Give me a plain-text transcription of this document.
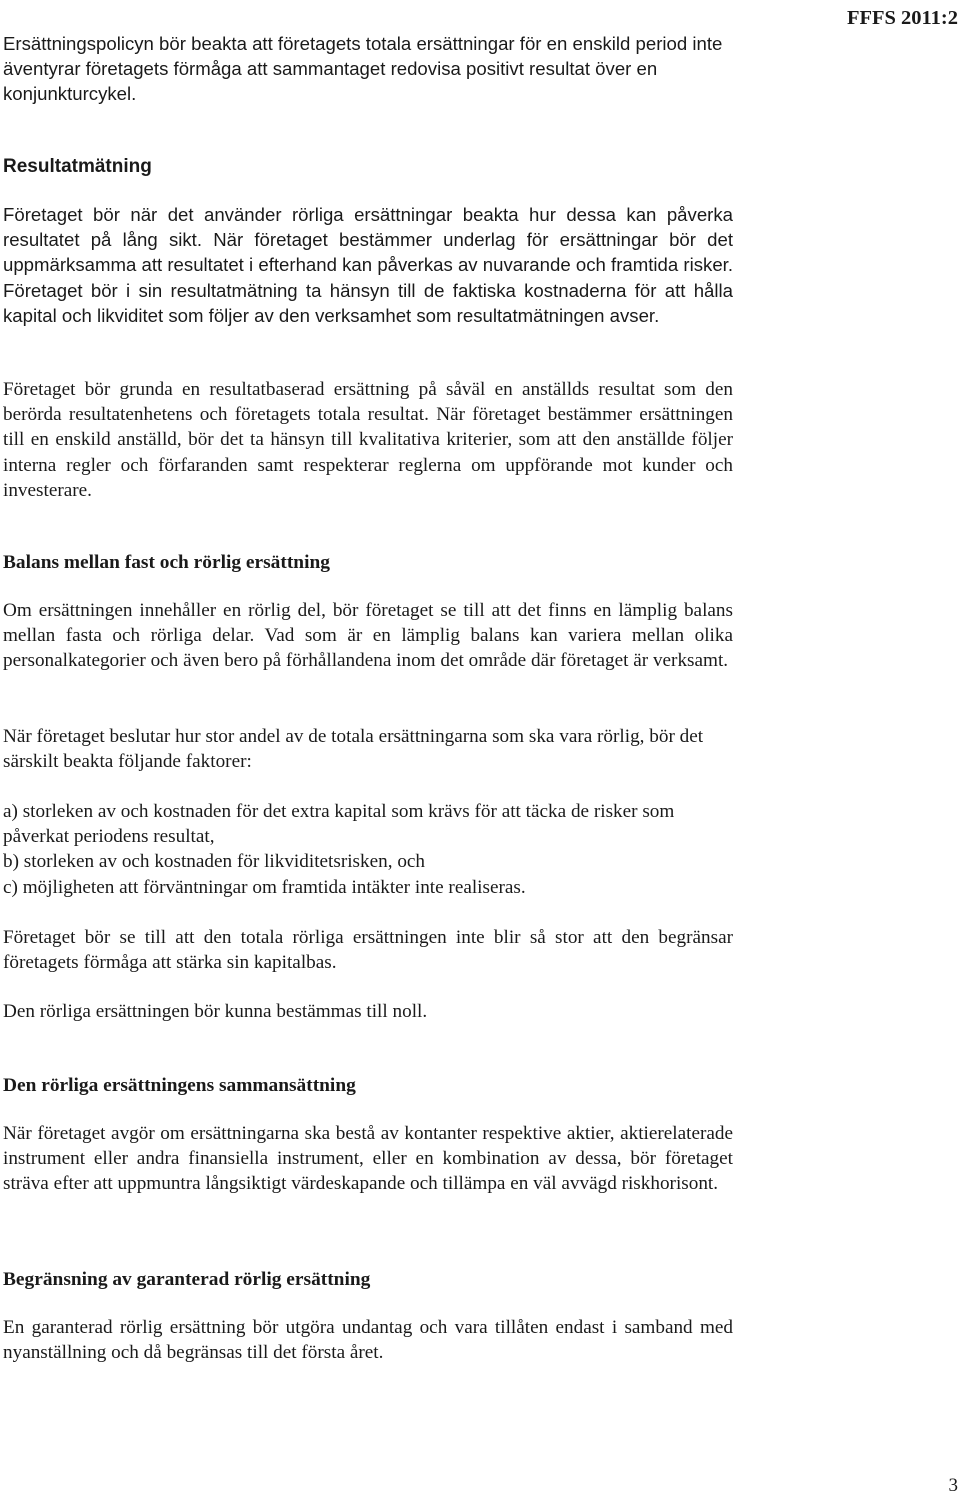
FFFS 2011:2

Ersättningspolicyn bör beakta att företagets totala ersättningar för en enskild period inte äventyrar företagets förmåga att sammantaget redovisa positivt resultat över en konjunkturcykel.

Resultatmätning

Företaget bör när det använder rörliga ersättningar beakta hur dessa kan påverka resultatet på lång sikt. När företaget bestämmer underlag för ersättningar bör det uppmärksamma att resultatet i efterhand kan påverkas av nuvarande och framtida risker. Företaget bör i sin resultatmätning ta hänsyn till de faktiska kostnaderna för att hålla kapital och likviditet som följer av den verksamhet som resultatmätningen avser.

Företaget bör grunda en resultatbaserad ersättning på såväl en anställds resultat som den berörda resultatenhetens och företagets totala resultat. När företaget bestämmer ersättningen till en enskild anställd, bör det ta hänsyn till kvalitativa kriterier, som att den anställde följer interna regler och förfaranden samt respekterar reglerna om uppförande mot kunder och investerare.

Balans mellan fast och rörlig ersättning

Om ersättningen innehåller en rörlig del, bör företaget se till att det finns en lämplig balans mellan fasta och rörliga delar. Vad som är en lämplig balans kan variera mellan olika personalkategorier och även bero på förhållandena inom det område där företaget är verksamt.

När företaget beslutar hur stor andel av de totala ersättningarna som ska vara rörlig, bör det särskilt beakta följande faktorer:

a) storleken av och kostnaden för det extra kapital som krävs för att täcka de risker som påverkat periodens resultat,
b) storleken av och kostnaden för likviditetsrisken, och
c) möjligheten att förväntningar om framtida intäkter inte realiseras.

Företaget bör se till att den totala rörliga ersättningen inte blir så stor att den begränsar företagets förmåga att stärka sin kapitalbas.

Den rörliga ersättningen bör kunna bestämmas till noll.

Den rörliga ersättningens sammansättning

När företaget avgör om ersättningarna ska bestå av kontanter respektive aktier, aktierelaterade instrument eller andra finansiella instrument, eller en kombination av dessa, bör företaget sträva efter att uppmuntra långsiktigt värdeskapande och tillämpa en väl avvägd riskhorisont.

Begränsning av garanterad rörlig ersättning

En garanterad rörlig ersättning bör utgöra undantag och vara tillåten endast i samband med nyanställning och då begränsas till det första året.

3
